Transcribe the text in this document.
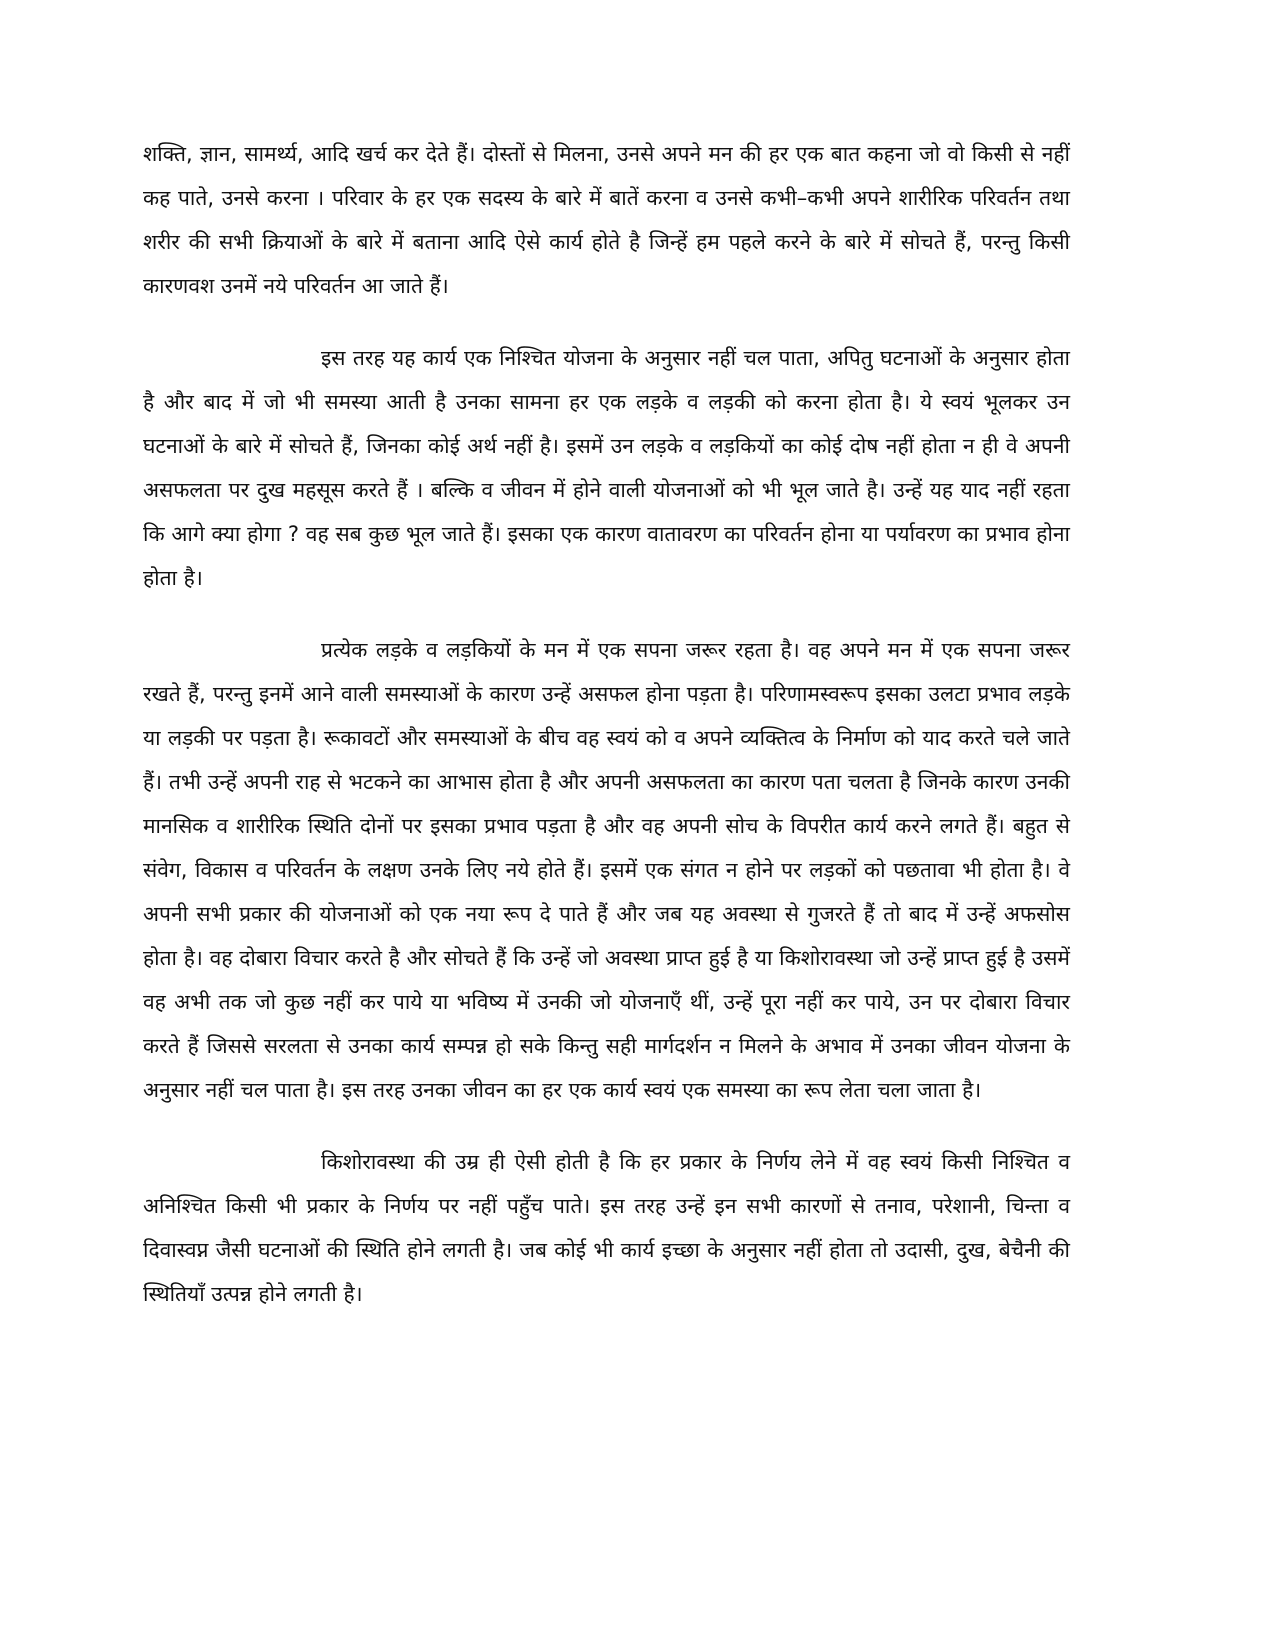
शक्ति, ज्ञान, सामर्थ्य, आदि खर्च कर देते हैं। दोस्तों से मिलना, उनसे अपने मन की हर एक बात कहना जो वो किसी से नहीं कह पाते, उनसे करना । परिवार के हर एक सदस्य के बारे में बातें करना व उनसे कभी–कभी अपने शारीरिक परिवर्तन तथा शरीर की सभी क्रियाओं के बारे में बताना आदि ऐसे कार्य होते है जिन्हें हम पहले करने के बारे में सोचते हैं, परन्तु किसी कारणवश उनमें नये परिवर्तन आ जाते हैं।

इस तरह यह कार्य एक निश्चित योजना के अनुसार नहीं चल पाता, अपितु घटनाओं के अनुसार होता है और बाद में जो भी समस्या आती है उनका सामना हर एक लड़के व लड़की को करना होता है। ये स्वयं भूलकर उन घटनाओं के बारे में सोचते हैं, जिनका कोई अर्थ नहीं है। इसमें उन लड़के व लड़कियों का कोई दोष नहीं होता न ही वे अपनी असफलता पर दुख महसूस करते हैं । बल्कि व जीवन में होने वाली योजनाओं को भी भूल जाते है। उन्हें यह याद नहीं रहता कि आगे क्या होगा ? वह सब कुछ भूल जाते हैं। इसका एक कारण वातावरण का परिवर्तन होना या पर्यावरण का प्रभाव होना होता है।

प्रत्येक लड़के व लड़कियों के मन में एक सपना जरूर रहता है। वह अपने मन में एक सपना जरूर रखते हैं, परन्तु इनमें आने वाली समस्याओं के कारण उन्हें असफल होना पड़ता है। परिणामस्वरूप इसका उलटा प्रभाव लड़के या लड़की पर पड़ता है। रूकावटों और समस्याओं के बीच वह स्वयं को व अपने व्यक्तित्व के निर्माण को याद करते चले जाते हैं। तभी उन्हें अपनी राह से भटकने का आभास होता है और अपनी असफलता का कारण पता चलता है जिनके कारण उनकी मानसिक व शारीरिक स्थिति दोनों पर इसका प्रभाव पड़ता है और वह अपनी सोच के विपरीत कार्य करने लगते हैं। बहुत से संवेग, विकास व परिवर्तन के लक्षण उनके लिए नये होते हैं। इसमें एक संगत न होने पर लड़कों को पछतावा भी होता है। वे अपनी सभी प्रकार की योजनाओं को एक नया रूप दे पाते हैं और जब यह अवस्था से गुजरते हैं तो बाद में उन्हें अफसोस होता है। वह दोबारा विचार करते है और सोचते हैं कि उन्हें जो अवस्था प्राप्त हुई है या किशोरावस्था जो उन्हें प्राप्त हुई है उसमें वह अभी तक जो कुछ नहीं कर पाये या भविष्य में उनकी जो योजनाएँ थीं, उन्हें पूरा नहीं कर पाये, उन पर दोबारा विचार करते हैं जिससे सरलता से उनका कार्य सम्पन्न हो सके किन्तु सही मार्गदर्शन न मिलने के अभाव में उनका जीवन योजना के अनुसार नहीं चल पाता है। इस तरह उनका जीवन का हर एक कार्य स्वयं एक समस्या का रूप लेता चला जाता है।

किशोरावस्था की उम्र ही ऐसी होती है कि हर प्रकार के निर्णय लेने में वह स्वयं किसी निश्चित व अनिश्चित किसी भी प्रकार के निर्णय पर नहीं पहुँच पाते। इस तरह उन्हें इन सभी कारणों से तनाव, परेशानी, चिन्ता व दिवास्वप्न जैसी घटनाओं की स्थिति होने लगती है। जब कोई भी कार्य इच्छा के अनुसार नहीं होता तो उदासी, दुख, बेचैनी की स्थितियाँ उत्पन्न होने लगती है।
